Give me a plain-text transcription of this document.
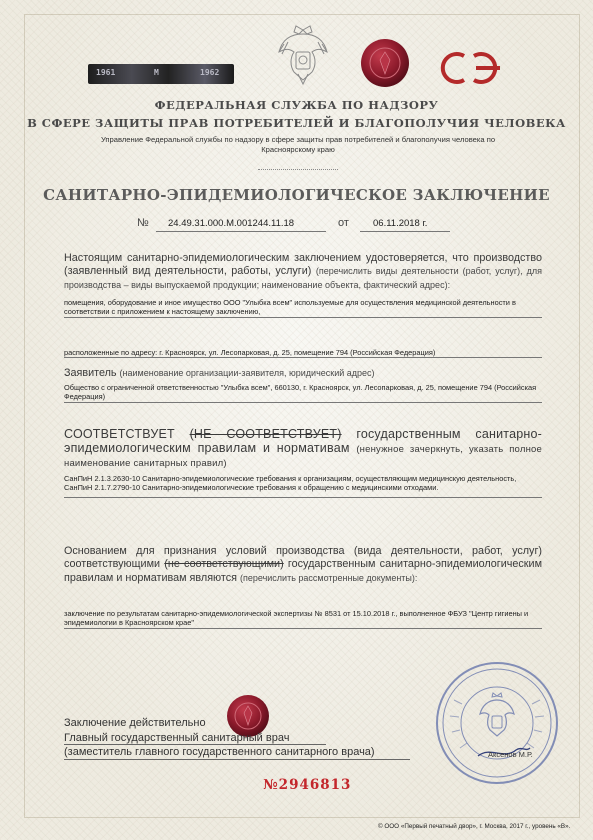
1961	M	1962
ФЕДЕРАЛЬНАЯ СЛУЖБА ПО НАДЗОРУ
В СФЕРЕ ЗАЩИТЫ ПРАВ ПОТРЕБИТЕЛЕЙ И БЛАГОПОЛУЧИЯ ЧЕЛОВЕКА
Управление Федеральной службы по надзору в сфере защиты прав потребителей и благополучия человека по Красноярскому краю
САНИТАРНО-ЭПИДЕМИОЛОГИЧЕСКОЕ ЗАКЛЮЧЕНИЕ
№ 24.49.31.000.М.001244.11.18	от	06.11.2018 г.

Настоящим санитарно-эпидемиологическим заключением удостоверяется, что производство (заявленный вид деятельности, работы, услуги) (перечислить виды деятельности (работ, услуг), для производства – виды выпускаемой продукции; наименование объекта, фактический адрес):

помещения, оборудование и иное имущество ООО "Улыбка всем" используемые для осуществления медицинской деятельности в соответствии с приложением к настоящему заключению,

расположенные по адресу: г. Красноярск, ул. Лесопарковая, д. 25, помещение 794 (Российская Федерация)

Заявитель (наименование организации-заявителя, юридический адрес)

Общество с ограниченной ответственностью "Улыбка всем", 660130, г. Красноярск, ул. Лесопарковая, д. 25, помещение 794 (Российская Федерация)

СООТВЕТСТВУЕТ (НЕ СООТВЕТСТВУЕТ) государственным санитарно-эпидемиологическим правилам и нормативам (ненужное зачеркнуть, указать полное наименование санитарных правил)

СанПиН 2.1.3.2630-10 Санитарно-эпидемиологические требования к организациям, осуществляющим медицинскую деятельность, СанПиН 2.1.7.2790-10 Санитарно-эпидемиологические требования к обращению с медицинскими отходами.

Основанием для признания условий производства (вида деятельности, работ, услуг) соответствующими (не соответствующими) государственным санитарно-эпидемиологическим правилам и нормативам являются (перечислить рассмотренные документы):

заключение по результатам санитарно-эпидемиологической экспертизы № 8531 от 15.10.2018 г., выполненное ФБУЗ "Центр гигиены и эпидемиологии в Красноярском крае"

Заключение действительно
Главный государственный санитарный врач
(заместитель главного государственного санитарного врача)	Аксенов М.Р.
№2946813
© ООО «Первый печатный двор», г. Москва, 2017 г., уровень «В».
